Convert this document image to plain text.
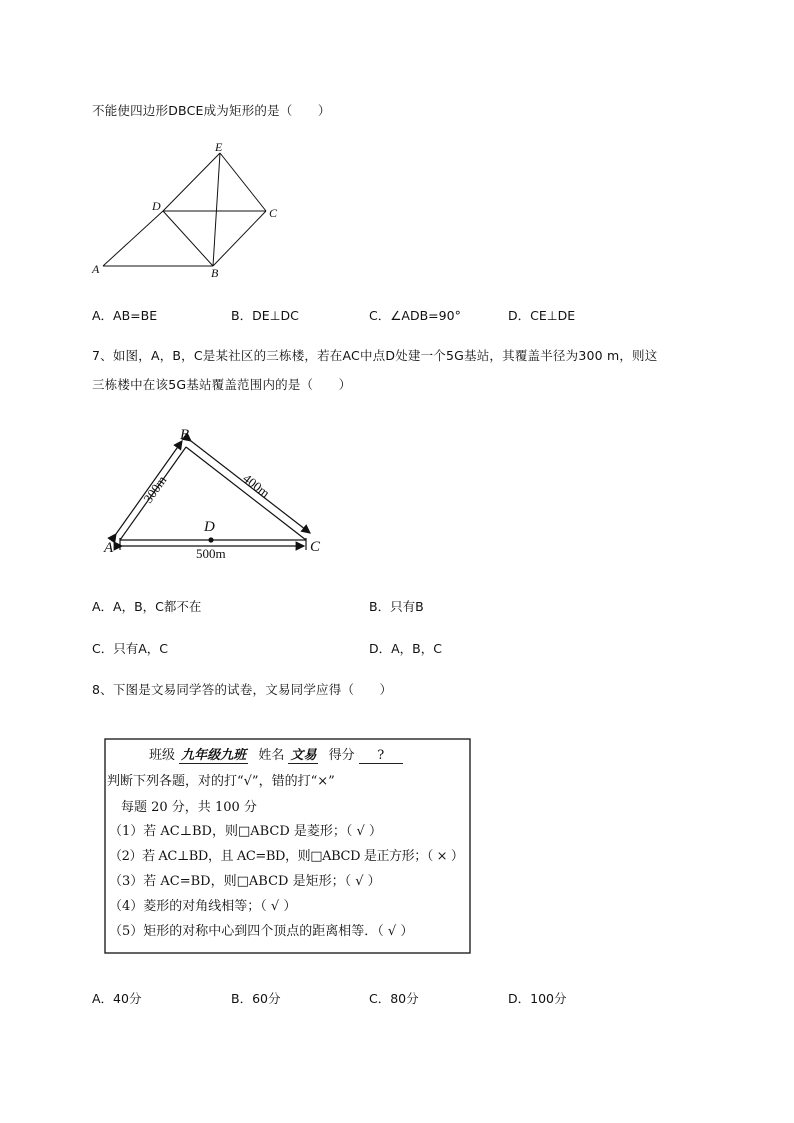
不能使四边形DBCE成为矩形的是（　　）
E
D	C
A	B
A．AB=BE	B．DE⊥DC	C．∠ADB=90°	D．CE⊥DE
7、如图，A，B，C是某社区的三栋楼，若在AC中点D处建一个5G基站，其覆盖半径为300 m，则这
三栋楼中在该5G基站覆盖范围内的是（　　）
A
B
C
D
300m	400m
500m
A．A，B，C都不在	B．只有B
C．只有A，C	D．A，B，C
8、下图是文易同学答的试卷，文易同学应得（　　）
班级 九年级九班 姓名 文易 得分 ?
判断下列各题，对的打“√”，错的打“×”
每题 20 分，共 100 分
（1）若 AC⊥BD，则□ABCD 是菱形；（ √ ）
（2）若 AC⊥BD，且 AC=BD，则□ABCD 是正方形；（ × ）
（3）若 AC=BD，则□ABCD 是矩形；（ √ ）
（4）菱形的对角线相等；（ √ ）
（5）矩形的对称中心到四个顶点的距离相等．（ √ ）
A．40分	B．60分	C．80分	D．100分
